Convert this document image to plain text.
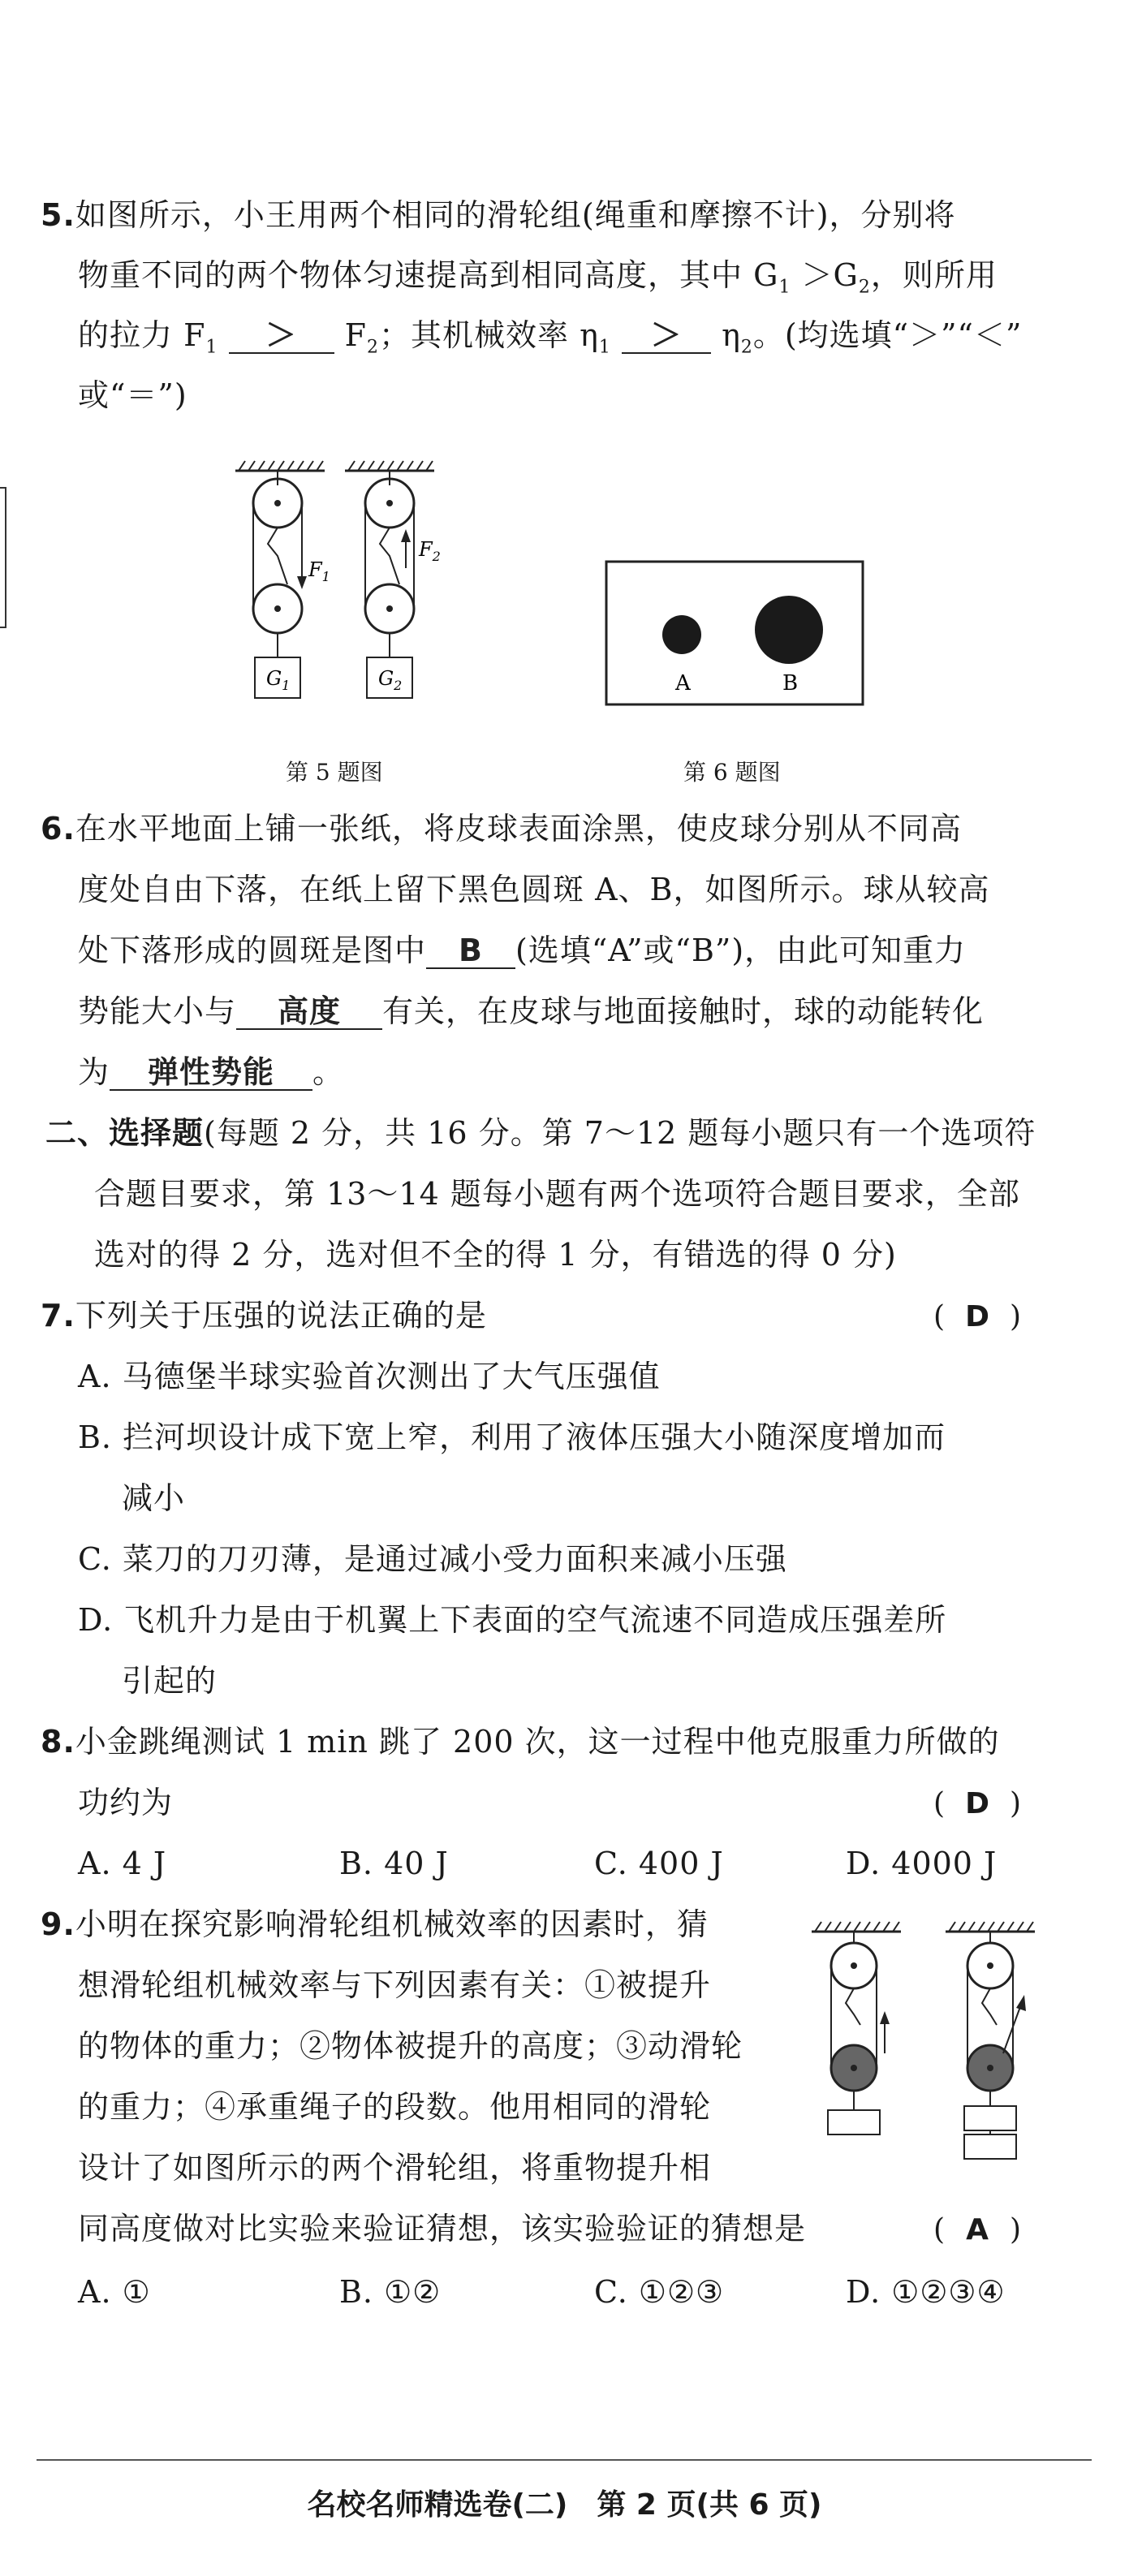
5.如图所示，小王用两个相同的滑轮组(绳重和摩擦不计)，分别将
物重不同的两个物体匀速提高到相同高度，其中 $G_1 >G_2$，则所用
的拉力 $F_1 > F_2$；其机械效率 $\eta_1 > \eta_2$。(均选填“＞”“＜”
或“＝”)
$F_1$
$F_2$
$G_1$	$G_2$	A	B
第 5 题图	第 6 题图
6.在水平地面上铺一张纸，将皮球表面涂黑，使皮球分别从不同高
度处自由下落，在纸上留下黑色圆斑 A、B，如图所示。球从较高
处下落形成的圆斑是图中 B (选填“A”或“B”)，由此可知重力
势能大小与 高度 有关，在皮球与地面接触时，球的动能转化
为 弹性势能 。
二、选择题(每题 2 分，共 16 分。第 7～12 题每小题只有一个选项符
合题目要求，第 13～14 题每小题有两个选项符合题目要求，全部
选对的得 2 分，选对但不全的得 1 分，有错选的得 0 分)
7.下列关于压强的说法正确的是	( D )
A. 马德堡半球实验首次测出了大气压强值
B. 拦河坝设计成下宽上窄，利用了液体压强大小随深度增加而
减小
C. 菜刀的刀刃薄，是通过减小受力面积来减小压强
D. 飞机升力是由于机翼上下表面的空气流速不同造成压强差所
引起的
8.小金跳绳测试 1 min 跳了 200 次，这一过程中他克服重力所做的
功约为	( D )
A. 4 J	B. 40 J	C. 400 J	D. 4000 J
9.小明在探究影响滑轮组机械效率的因素时，猜
想滑轮组机械效率与下列因素有关：①被提升
的物体的重力；②物体被提升的高度；③动滑轮
的重力；④承重绳子的段数。他用相同的滑轮
设计了如图所示的两个滑轮组，将重物提升相
同高度做对比实验来验证猜想，该实验验证的猜想是	( A )
A. ①	B. ①②	C. ①②③	D. ①②③④
名校名师精选卷(二)　第 2 页(共 6 页)
